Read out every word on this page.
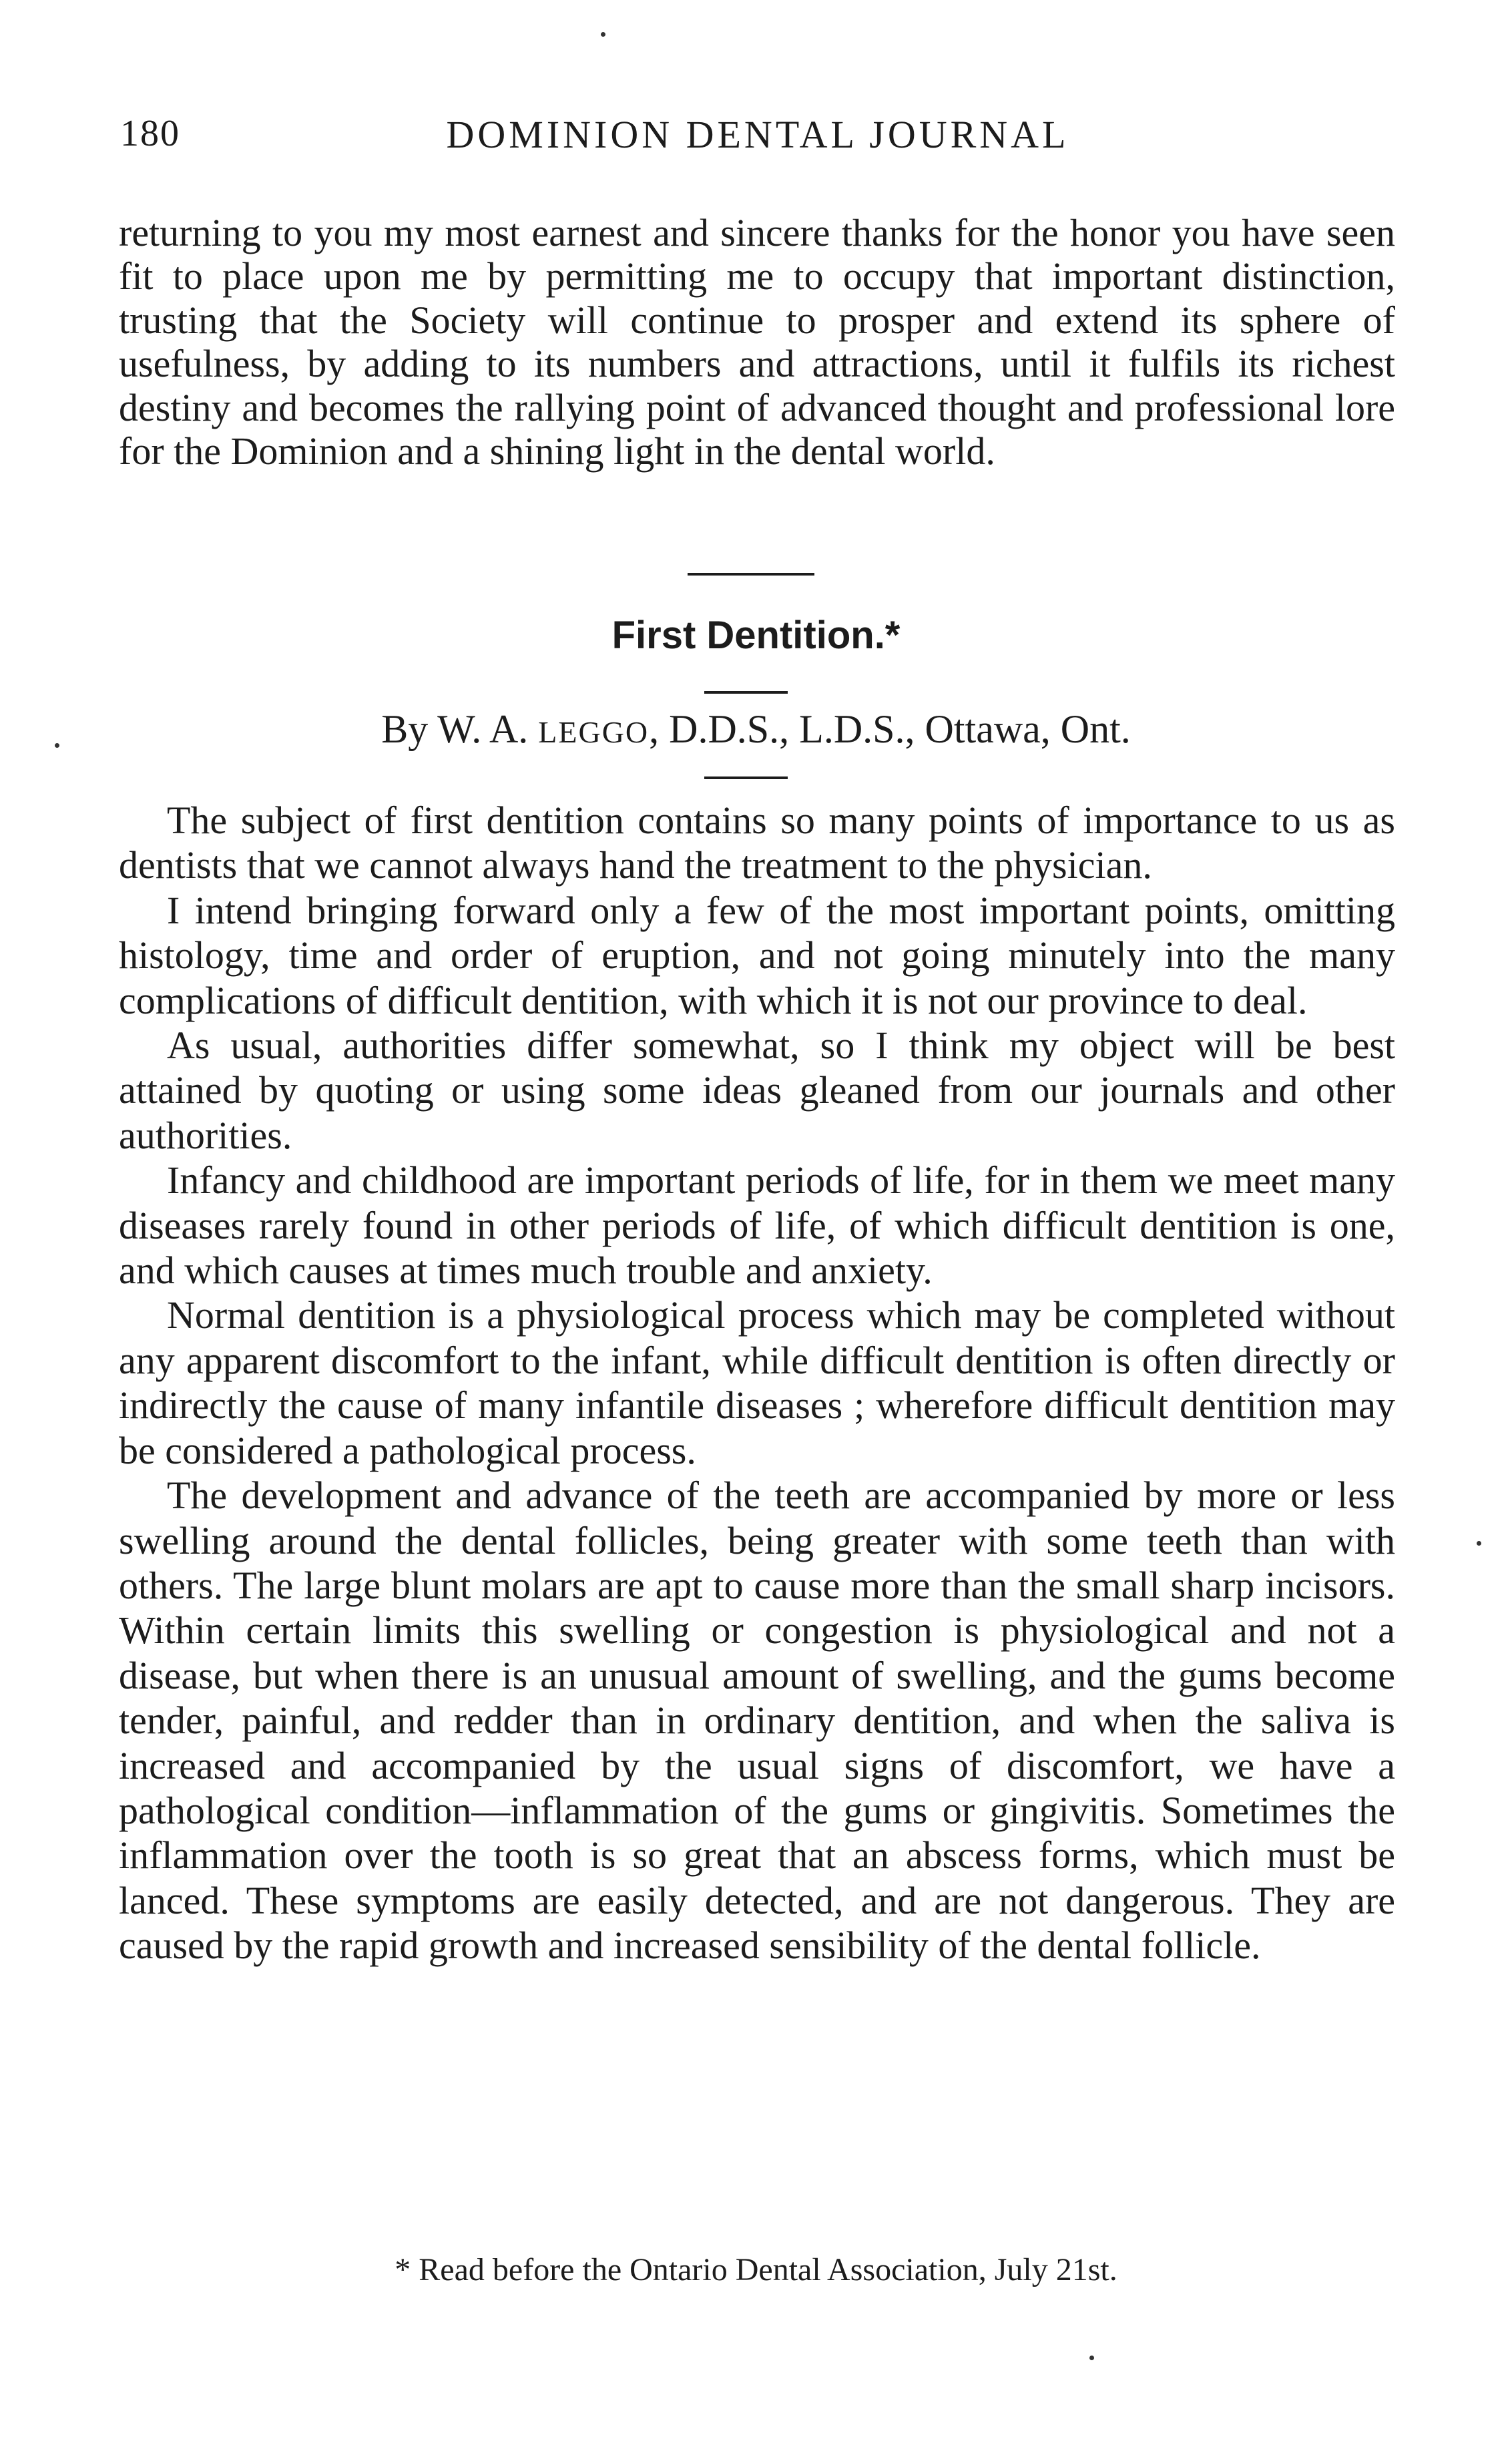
180	DOMINION DENTAL JOURNAL
returning to you my most earnest and sincere thanks for the honor you have seen fit to place upon me by permitting me to occupy that important distinction, trusting that the Society will continue to prosper and extend its sphere of usefulness, by adding to its numbers and attractions, until it fulfils its richest destiny and becomes the rallying point of advanced thought and professional lore for the Dominion and a shining light in the dental world.
First Dentition.*
By W. A. LEGGO, D.D.S., L.D.S., Ottawa, Ont.

The subject of first dentition contains so many points of importance to us as dentists that we cannot always hand the treatment to the physician.

I intend bringing forward only a few of the most important points, omitting histology, time and order of eruption, and not going minutely into the many complications of difficult dentition, with which it is not our province to deal.

As usual, authorities differ somewhat, so I think my object will be best attained by quoting or using some ideas gleaned from our journals and other authorities.

Infancy and childhood are important periods of life, for in them we meet many diseases rarely found in other periods of life, of which difficult dentition is one, and which causes at times much trouble and anxiety.

Normal dentition is a physiological process which may be completed without any apparent discomfort to the infant, while difficult dentition is often directly or indirectly the cause of many infantile diseases ; wherefore difficult dentition may be considered a pathological process.

The development and advance of the teeth are accompanied by more or less swelling around the dental follicles, being greater with some teeth than with others. The large blunt molars are apt to cause more than the small sharp incisors. Within certain limits this swelling or congestion is physiological and not a disease, but when there is an unusual amount of swelling, and the gums become tender, painful, and redder than in ordinary dentition, and when the saliva is increased and accompanied by the usual signs of discomfort, we have a pathological condition—inflammation of the gums or gingivitis. Sometimes the inflammation over the tooth is so great that an abscess forms, which must be lanced. These symptoms are easily detected, and are not dangerous. They are caused by the rapid growth and increased sensibility of the dental follicle.

* Read before the Ontario Dental Association, July 21st.
